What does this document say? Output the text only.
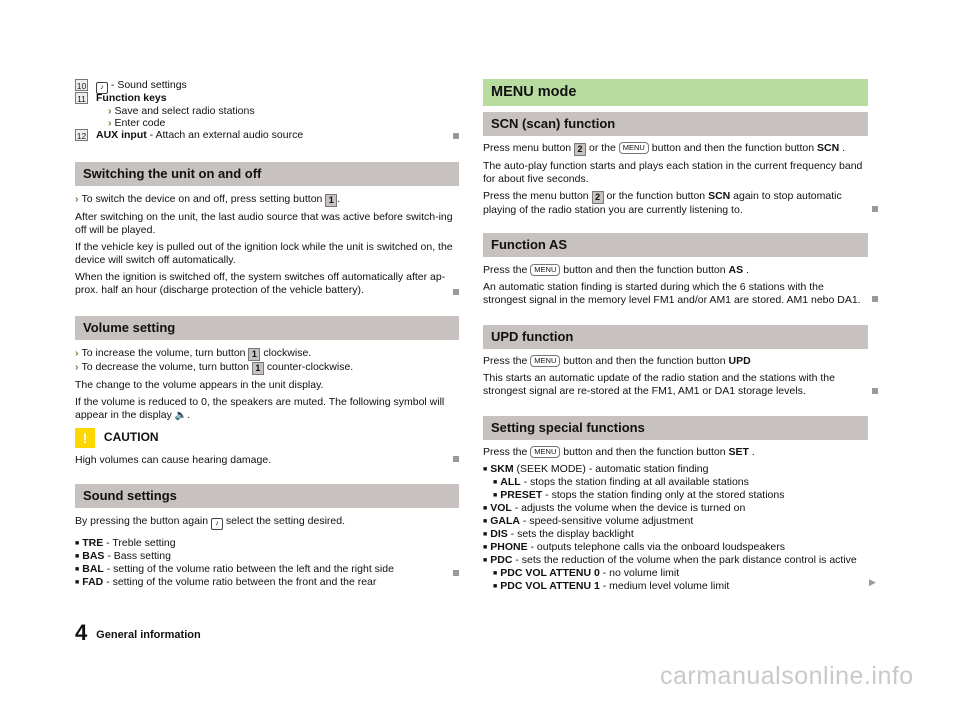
10	♪ - Sound settings
11 Function keys
› Save and select radio stations
› Enter code
12 AUX input - Attach an external audio source
Switching the unit on and off

› To switch the device on and off, press setting button 1 .

After switching on the unit, the last audio source that was active before switch-ing off will be played.

If the vehicle key is pulled out of the ignition lock while the unit is switched on, the device will switch off automatically.

When the ignition is switched off, the system switches off automatically after ap-prox. half an hour (discharge protection of the vehicle battery).

Volume setting

› To increase the volume, turn button 1 clockwise.

› To decrease the volume, turn button 1 counter-clockwise.

The change to the volume appears in the unit display.

If the volume is reduced to 0, the speakers are muted. The following symbol will appear in the display 🔈.

! CAUTION

High volumes can cause hearing damage.

Sound settings

By pressing the button again ♪ select the setting desired.

■ TRE - Treble setting
■ BAS - Bass setting
■ BAL - setting of the volume ratio between the left and the right side
■ FAD - setting of the volume ratio between the front and the rear
4 General information
MENU mode
SCN (scan) function

Press menu button 2 or the MENU button and then the function button SCN .

The auto-play function starts and plays each station in the current frequency band for about five seconds.

Press the menu button 2 or the function button SCN again to stop automatic playing of the radio station you are currently listening to.

Function AS

Press the MENU button and then the function button AS .

An automatic station finding is started during which the 6 stations with the strongest signal in the memory level FM1 and/or AM1 are stored. AM1 nebo DA1.

UPD function

Press the MENU button and then the function button UPD

This starts an automatic update of the radio station and the stations with the strongest signal are re-stored at the FM1, AM1 or DA1 storage levels.

Setting special functions

Press the MENU button and then the function button SET .

■ SKM (SEEK MODE) - automatic station finding
■ ALL - stops the station finding at all available stations
■ PRESET - stops the station finding only at the stored stations
■ VOL - adjusts the volume when the device is turned on
■ GALA - speed-sensitive volume adjustment
■ DIS - sets the display backlight
■ PHONE - outputs telephone calls via the onboard loudspeakers
■ PDC - sets the reduction of the volume when the park distance control is active
■ PDC VOL ATTENU 0 - no volume limit
■ PDC VOL ATTENU 1 - medium level volume limit	▶
carmanualsonline.info
